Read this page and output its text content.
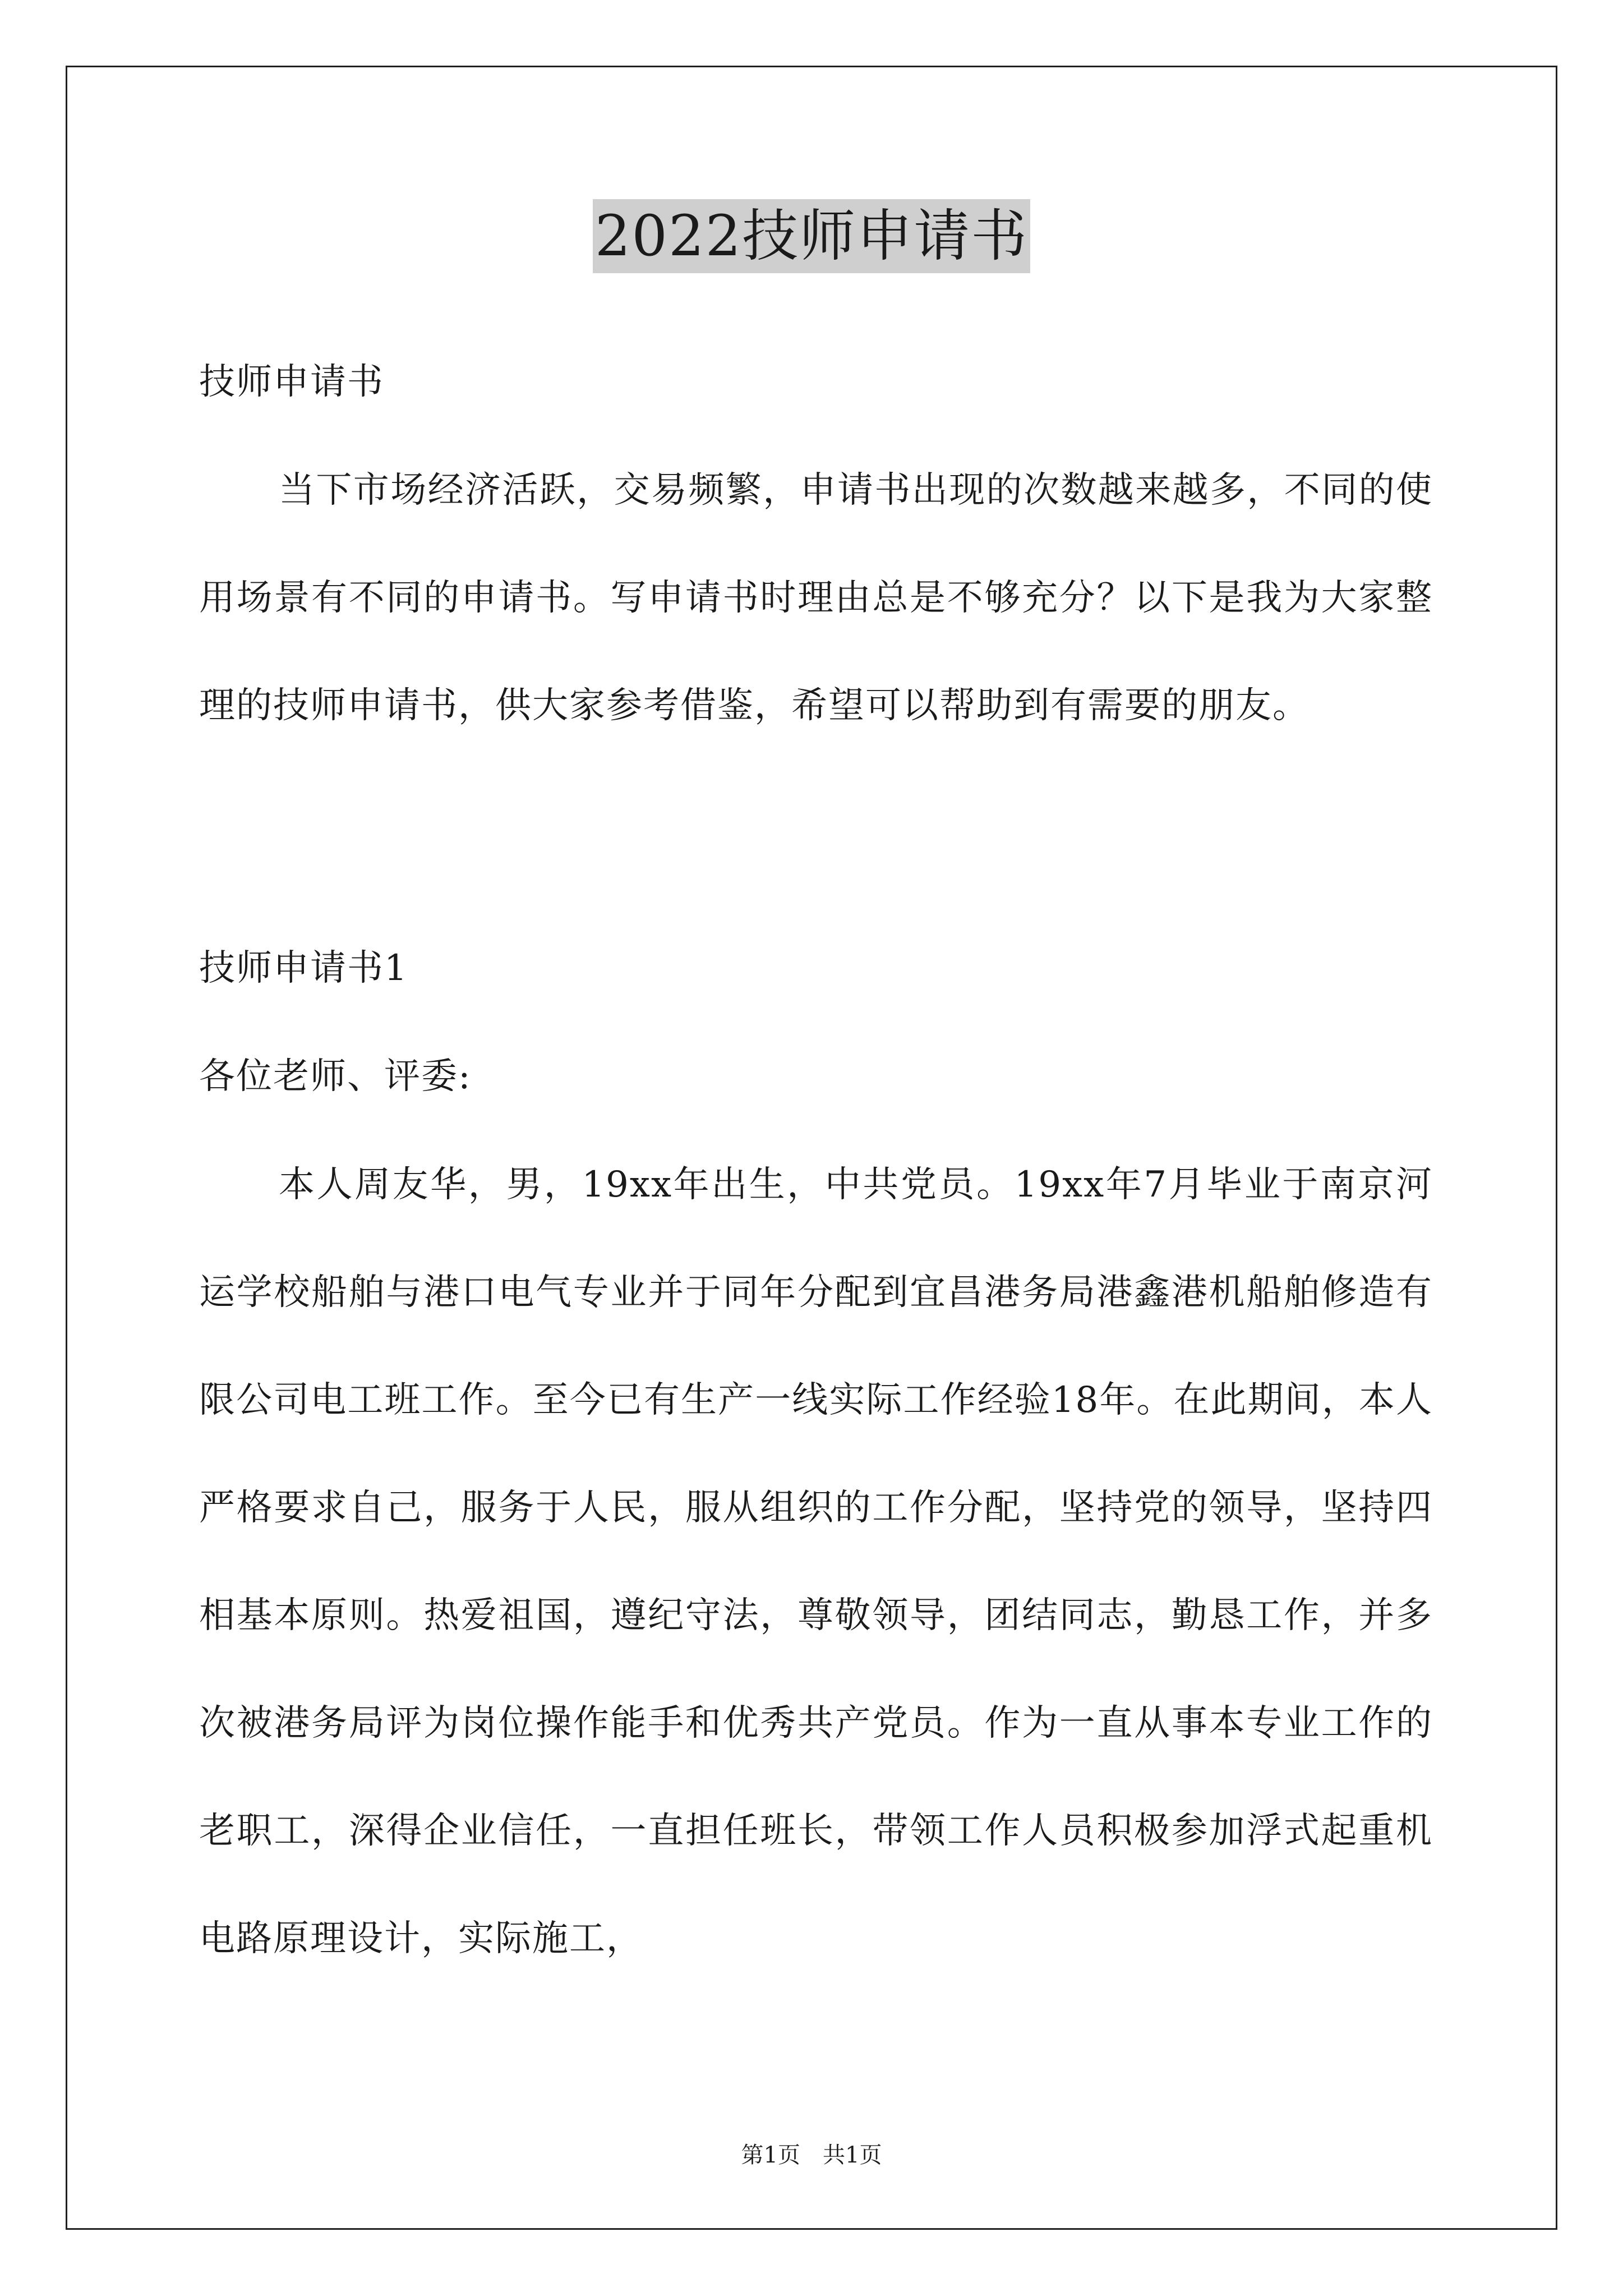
2022技师申请书

技师申请书

当下市场经济活跃，交易频繁，申请书出现的次数越来越多，不同的使用场景有不同的申请书。写申请书时理由总是不够充分？以下是我为大家整理的技师申请书，供大家参考借鉴，希望可以帮助到有需要的朋友。

技师申请书1

各位老师、评委:

本人周友华，男，19xx年出生，中共党员。19xx年7月毕业于南京河运学校船舶与港口电气专业并于同年分配到宜昌港务局港鑫港机船舶修造有限公司电工班工作。至今已有生产一线实际工作经验18年。在此期间，本人严格要求自己，服务于人民，服从组织的工作分配，坚持党的领导，坚持四相基本原则。热爱祖国，遵纪守法，尊敬领导，团结同志，勤恳工作，并多次被港务局评为岗位操作能手和优秀共产党员。作为一直从事本专业工作的老职工，深得企业信任，一直担任班长，带领工作人员积极参加浮式起重机电路原理设计，实际施工，

第1页　共1页
